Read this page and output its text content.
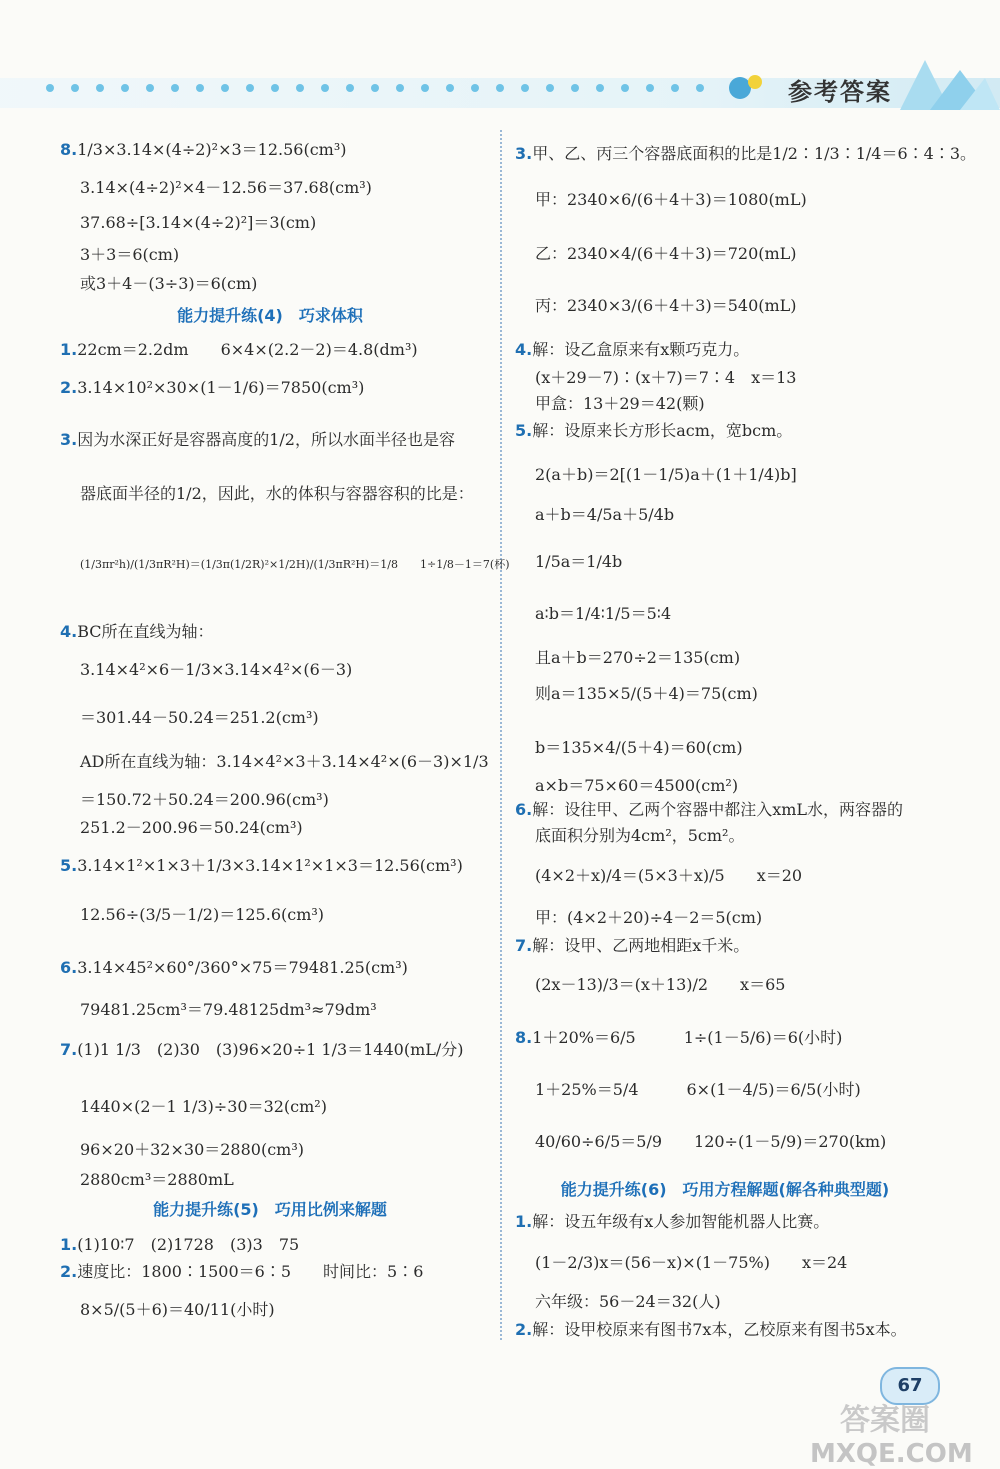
参考答案
8.1/3×3.14×(4÷2)²×3＝12.56(cm³)
3.14×(4÷2)²×4－12.56＝37.68(cm³)
37.68÷[3.14×(4÷2)²]＝3(cm)
3＋3＝6(cm)
或3＋4－(3÷3)＝6(cm)
能力提升练(4)　巧求体积
1.22cm＝2.2dm　　6×4×(2.2－2)＝4.8(dm³)
2.3.14×10²×30×(1－1/6)＝7850(cm³)
3.因为水深正好是容器高度的1/2，所以水面半径也是容
器底面半径的1/2，因此，水的体积与容器容积的比是：
(1/3πr²h)/(1/3πR²H)＝(1/3π(1/2R)²×1/2H)/(1/3πR²H)＝1/8　　1÷1/8－1＝7(杯)
4.BC所在直线为轴：
3.14×4²×6－1/3×3.14×4²×(6－3)
＝301.44－50.24＝251.2(cm³)
AD所在直线为轴：3.14×4²×3＋3.14×4²×(6－3)×1/3
＝150.72＋50.24＝200.96(cm³)
251.2－200.96＝50.24(cm³)
5.3.14×1²×1×3＋1/3×3.14×1²×1×3＝12.56(cm³)
12.56÷(3/5－1/2)＝125.6(cm³)
6.3.14×45²×60°/360°×75＝79481.25(cm³)
79481.25cm³＝79.48125dm³≈79dm³
7.(1)1 1/3　(2)30　(3)96×20÷1 1/3＝1440(mL/分)
1440×(2－1 1/3)÷30＝32(cm²)
96×20＋32×30＝2880(cm³)
2880cm³＝2880mL
能力提升练(5)　巧用比例来解题
1.(1)10∶7　(2)1728　(3)3　75
2.速度比：1800∶1500＝6∶5　　时间比：5∶6
8×5/(5＋6)＝40/11(小时)
3.甲、乙、丙三个容器底面积的比是1/2∶1/3∶1/4＝6∶4∶3。
甲：2340×6/(6＋4＋3)＝1080(mL)
乙：2340×4/(6＋4＋3)＝720(mL)
丙：2340×3/(6＋4＋3)＝540(mL)
4.解：设乙盒原来有x颗巧克力。
(x＋29－7)∶(x＋7)＝7∶4　x＝13
甲盒：13＋29＝42(颗)
5.解：设原来长方形长acm，宽bcm。
2(a＋b)＝2[(1－1/5)a＋(1＋1/4)b]
a＋b＝4/5a＋5/4b
1/5a＝1/4b
a∶b＝1/4∶1/5＝5∶4
且a＋b＝270÷2＝135(cm)
则a＝135×5/(5＋4)＝75(cm)
b＝135×4/(5＋4)＝60(cm)
a×b＝75×60＝4500(cm²)
6.解：设往甲、乙两个容器中都注入xmL水，两容器的
底面积分别为4cm²，5cm²。
(4×2＋x)/4＝(5×3＋x)/5　　x＝20
甲：(4×2＋20)÷4－2＝5(cm)
7.解：设甲、乙两地相距x千米。
(2x－13)/3＝(x＋13)/2　　x＝65
8.1＋20%＝6/5　　　1÷(1－5/6)＝6(小时)
1＋25%＝5/4　　　6×(1－4/5)＝6/5(小时)
40/60÷6/5＝5/9　　120÷(1－5/9)＝270(km)
能力提升练(6)　巧用方程解题(解各种典型题)
1.解：设五年级有x人参加智能机器人比赛。
(1－2/3)x＝(56－x)×(1－75%)　　x＝24
六年级：56－24＝32(人)
2.解：设甲校原来有图书7x本，乙校原来有图书5x本。
67
答案圈
MXQE.COM
